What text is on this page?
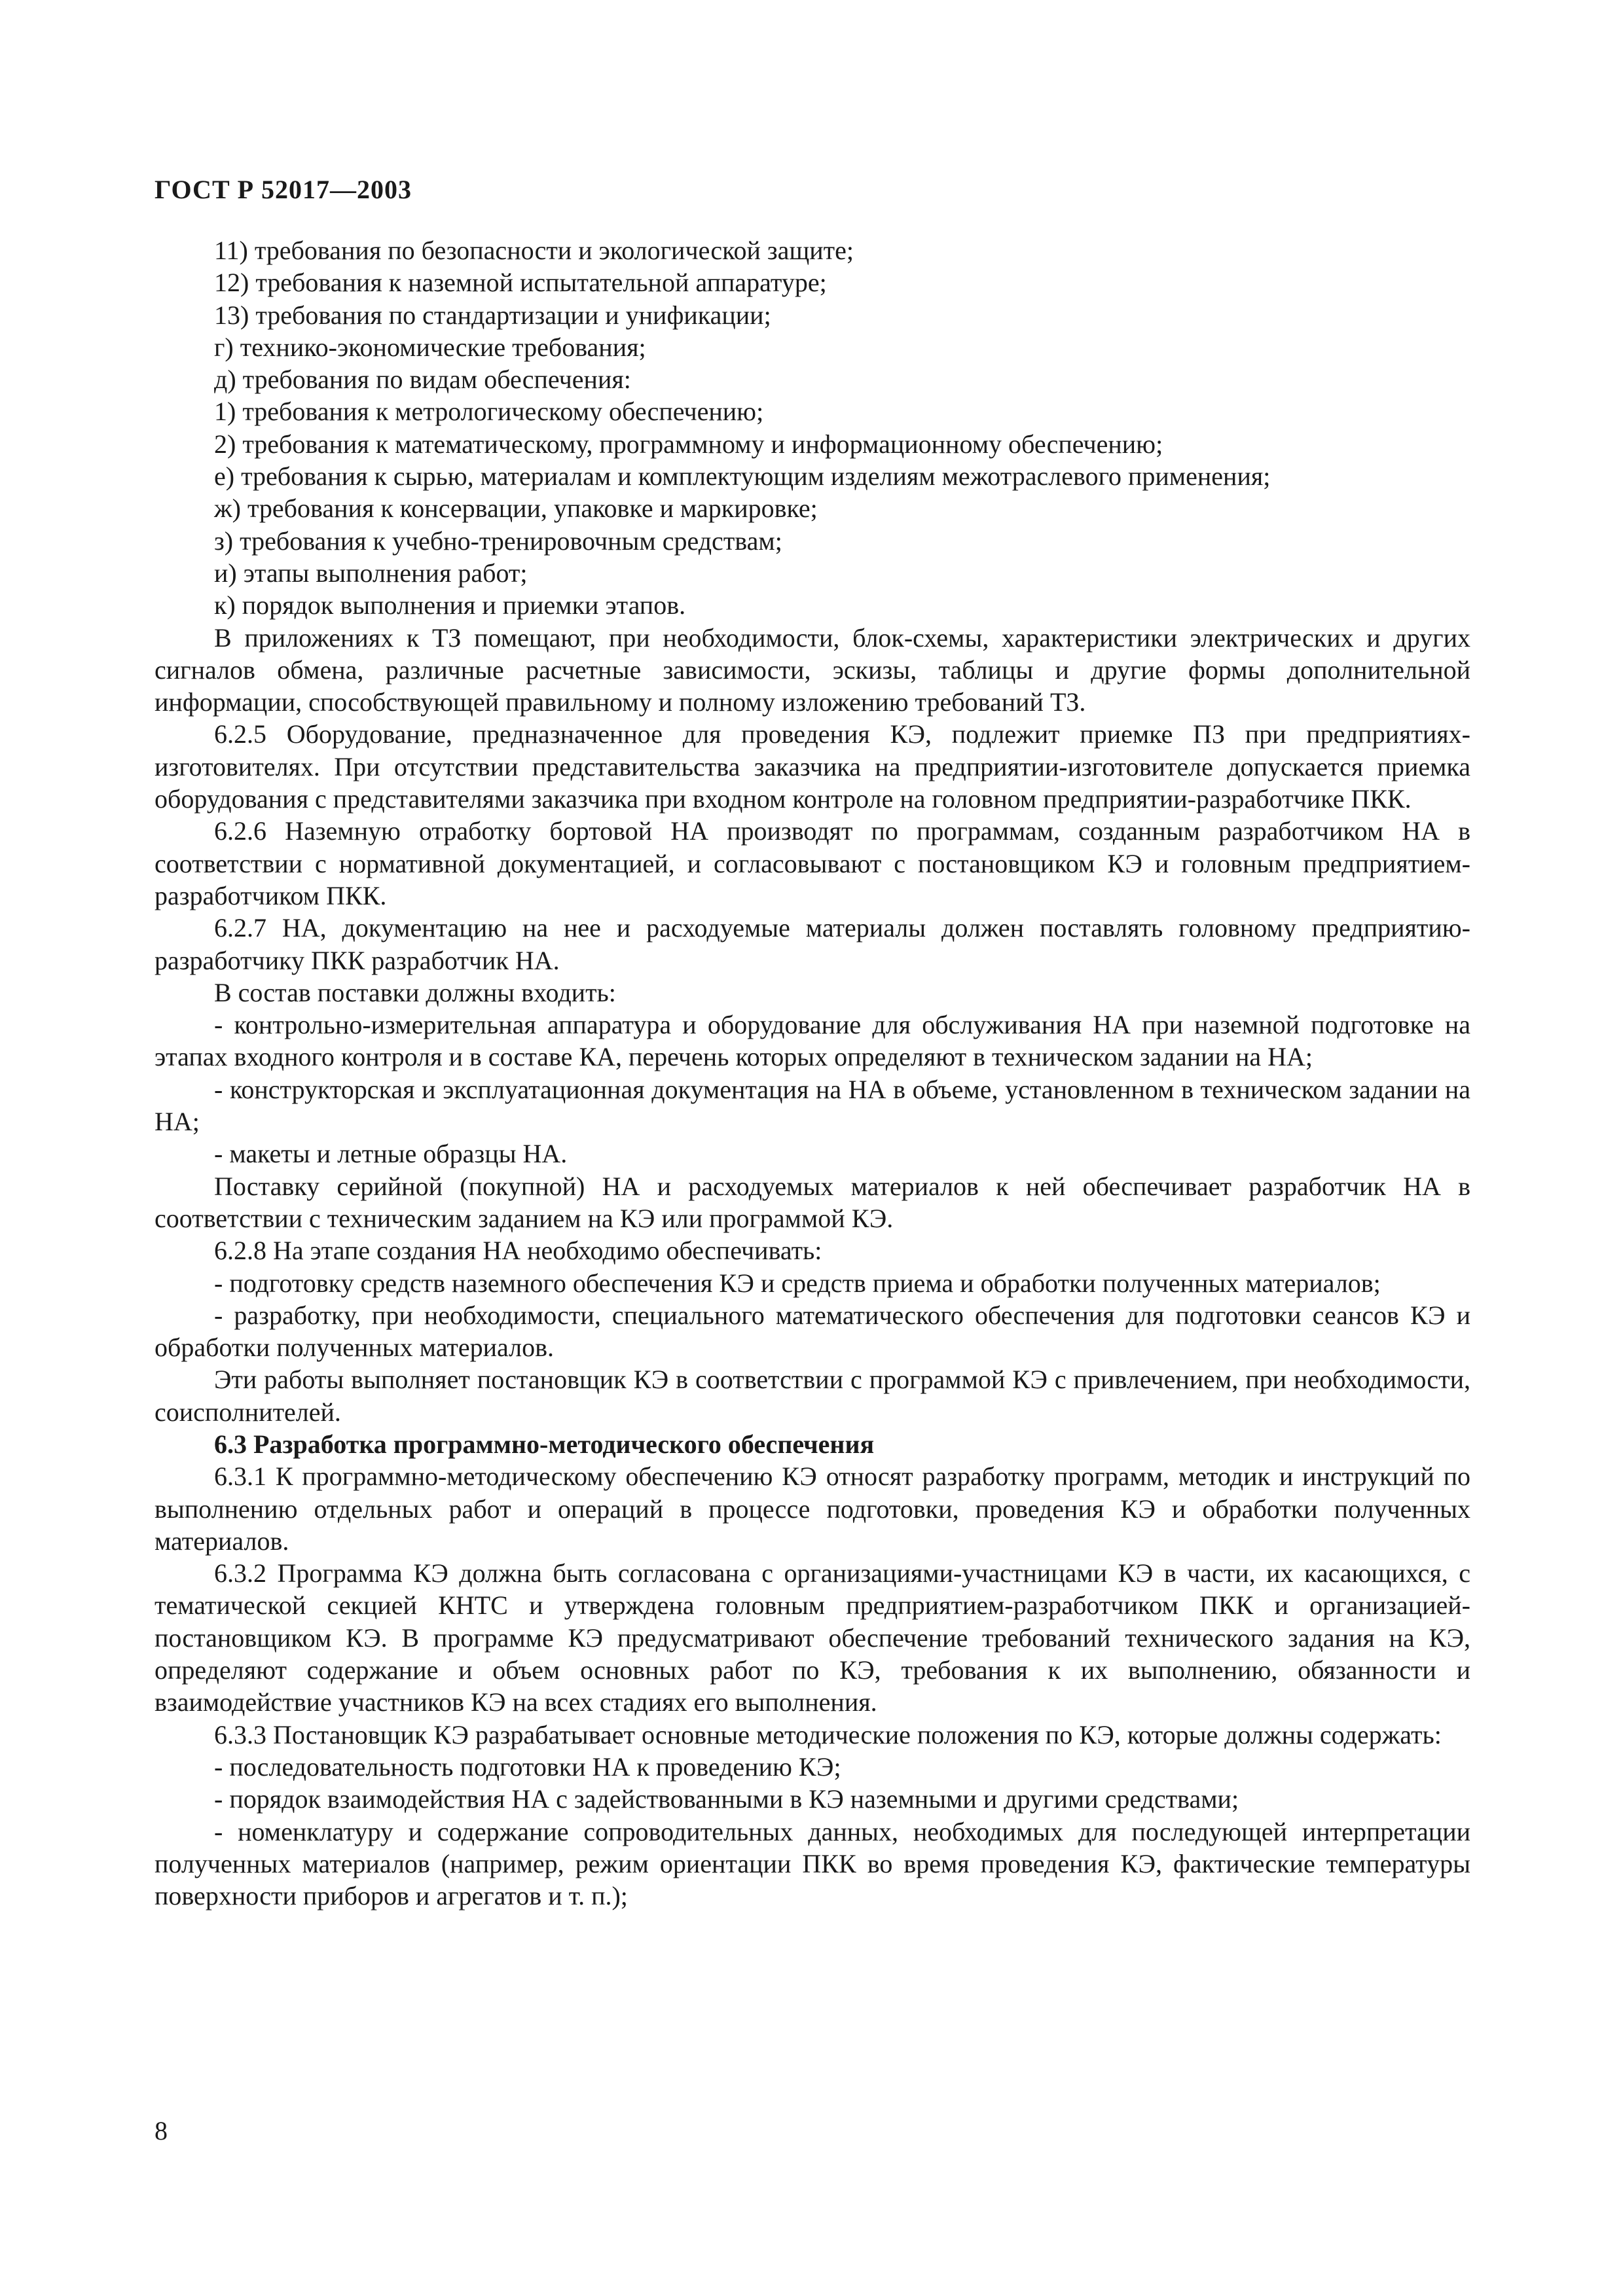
ГОСТ Р 52017—2003

11) требования по безопасности и экологической защите;

12) требования к наземной испытательной аппаратуре;

13) требования по стандартизации и унификации;

г) технико-экономические требования;

д) требования по видам обеспечения:

1) требования к метрологическому обеспечению;

2) требования к математическому, программному и информационному обеспечению;

е) требования к сырью, материалам и комплектующим изделиям межотраслевого применения;

ж) требования к консервации, упаковке и маркировке;

з) требования к учебно-тренировочным средствам;

и) этапы выполнения работ;

к) порядок выполнения и приемки этапов.

В приложениях к ТЗ помещают, при необходимости, блок-схемы, характеристики электрических и других сигналов обмена, различные расчетные зависимости, эскизы, таблицы и другие формы дополнительной информации, способствующей правильному и полному изложению требований ТЗ.

6.2.5 Оборудование, предназначенное для проведения КЭ, подлежит приемке ПЗ при предприятиях-изготовителях. При отсутствии представительства заказчика на предприятии-изготовителе допускается приемка оборудования с представителями заказчика при входном контроле на головном предприятии-разработчике ПКК.

6.2.6 Наземную отработку бортовой НА производят по программам, созданным разработчиком НА в соответствии с нормативной документацией, и согласовывают с постановщиком КЭ и головным предприятием-разработчиком ПКК.

6.2.7 НА, документацию на нее и расходуемые материалы должен поставлять головному предприятию-разработчику ПКК разработчик НА.

В состав поставки должны входить:

- контрольно-измерительная аппаратура и оборудование для обслуживания НА при наземной подготовке на этапах входного контроля и в составе КА, перечень которых определяют в техническом задании на НА;

- конструкторская и эксплуатационная документация на НА в объеме, установленном в техническом задании на НА;

- макеты и летные образцы НА.

Поставку серийной (покупной) НА и расходуемых материалов к ней обеспечивает разработчик НА в соответствии с техническим заданием на КЭ или программой КЭ.

6.2.8 На этапе создания НА необходимо обеспечивать:

- подготовку средств наземного обеспечения КЭ и средств приема и обработки полученных материалов;

- разработку, при необходимости, специального математического обеспечения для подготовки сеансов КЭ и обработки полученных материалов.

Эти работы выполняет постановщик КЭ в соответствии с программой КЭ с привлечением, при необходимости, соисполнителей.

6.3 Разработка программно-методического обеспечения

6.3.1 К программно-методическому обеспечению КЭ относят разработку программ, методик и инструкций по выполнению отдельных работ и операций в процессе подготовки, проведения КЭ и обработки полученных материалов.

6.3.2 Программа КЭ должна быть согласована с организациями-участницами КЭ в части, их касающихся, с тематической секцией КНТС и утверждена головным предприятием-разработчиком ПКК и организацией-постановщиком КЭ. В программе КЭ предусматривают обеспечение требований технического задания на КЭ, определяют содержание и объем основных работ по КЭ, требования к их выполнению, обязанности и взаимодействие участников КЭ на всех стадиях его выполнения.

6.3.3 Постановщик КЭ разрабатывает основные методические положения по КЭ, которые должны содержать:

- последовательность подготовки НА к проведению КЭ;

- порядок взаимодействия НА с задействованными в КЭ наземными и другими средствами;

- номенклатуру и содержание сопроводительных данных, необходимых для последующей интерпретации полученных материалов (например, режим ориентации ПКК во время проведения КЭ, фактические температуры поверхности приборов и агрегатов и т. п.);

8
